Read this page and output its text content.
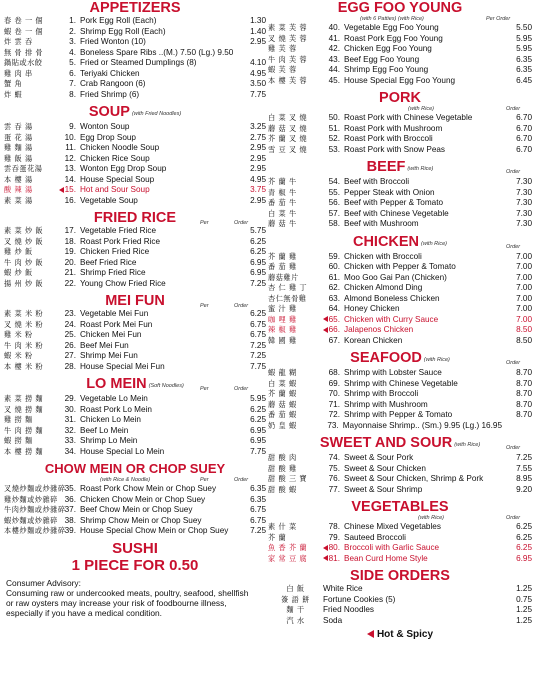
APPETIZERS
春 卷 一 個	1. Pork Egg Roll (Each)	1.30
蝦 卷 一 個	2. Shrimp Egg Roll (Each)	1.40
炸 雲 吞	3. Fried Wonton (10)	2.95
無 骨 排 骨	4. Boneless Spare Ribs ..(M.) 7.50 (Lg.) 9.50
鍋貼或水餃	5. Fried or Steamed Dumplings (8)	4.10
雞 肉 串	6. Teriyaki Chicken	4.95
蟹 角	7. Crab Rangoon (6)	3.50
炸 蝦	8. Fried Shrimp (6)	7.75
SOUP (with Fried Noodles)
雲 吞 湯	9. Wonton Soup	3.25
蛋 花 湯	10. Egg Drop Soup	2.75
雞 麵 湯	11. Chicken Noodle Soup	2.95
雞 飯 湯	12. Chicken Rice Soup	2.95
雲吞蛋花湯	13. Wonton Egg Drop Soup	2.95
本 樓 湯	14. House Special Soup	4.95
酸 辣 湯	15. Hot and Sour Soup	3.75
素 菜 湯	16. Vegetable Soup	2.95
FRIED RICE	Per	Order
素 菜 炒 飯	17. Vegetable Fried Rice	5.75
叉 燒 炒 飯	18. Roast Pork Fried Rice	6.25
雞 炒 飯	19. Chicken Fried Rice	6.25
牛 肉 炒 飯	20. Beef Fried Rice	6.95
蝦 炒 飯	21. Shrimp Fried Rice	6.95
揚 州 炒 飯	22. Young Chow Fried Rice	7.25
MEI FUN	Per	Order
素 菜 米 粉	23. Vegetable Mei Fun	6.25
叉 燒 米 粉	24. Roast Pork Mei Fun	6.75
雞 米 粉	25. Chicken Mei Fun	6.75
牛 肉 米 粉	26. Beef Mei Fun	7.25
蝦 米 粉	27. Shrimp Mei Fun	7.25
本 樓 米 粉	28. House Special Mei Fun	7.75
LO MEIN (Soft Noodles)	Per	Order
素 菜 撈 麵	29. Vegetable Lo Mein	5.95
叉 燒 撈 麵	30. Roast Pork Lo Mein	6.25
雞 撈 麵	31. Chicken Lo Mein	6.25
牛 肉 撈 麵	32. Beef Lo Mein	6.95
蝦 撈 麵	33. Shrimp Lo Mein	6.95
本 樓 撈 麵	34. House Special Lo Mein	7.75
CHOW MEIN OR CHOP SUEY
(with Rice & Noodle)	Per	Order
叉燒炒麵或炒雜碎 35. Roast Pork Chow Mein or Chop Suey	6.35
雞炒麵或炒雜碎 36. Chicken Chow Mein or Chop Suey	6.35
牛肉炒麵或炒雜碎 37. Beef Chow Mein or Chop Suey	6.75
蝦炒麵或炒雜碎 38. Shrimp Chow Mein or Chop Suey	6.75
本樓炒麵或炒雜碎 39. House Special Chow Mein or Chop Suey	7.25
SUSHI
1 PIECE FOR 0.50
Consumer Advisory:
Consuming raw or undercooked meats, poultry, seafood, shellfish
or raw oysters may increase your risk of foodbourne illness,
especially if you have a medical condition.
EGG FOO YOUNG
(with 6 Patties) (with Rice)	Per Order
素 菜 芙 蓉	40. Vegetable Egg Foo Young	5.50
叉 燒 芙 蓉	41. Roast Pork Egg Foo Young	5.95
雞 芙 蓉	42. Chicken Egg Foo Young	5.95
牛 肉 芙 蓉	43. Beef Egg Foo Young	6.35
蝦 芙 蓉	44. Shrimp Egg Foo Young	6.35
本 樓 芙 蓉	45. House Special Egg Foo Young	6.45
PORK
(with Rice)	Order
白 菜 叉 燒	50. Roast Pork with Chinese Vegetable	6.70
蘑 菇 叉 燒	51. Roast Pork with Mushroom	6.70
芥 蘭 叉 燒	52. Roast Pork with Broccoli	6.70
雪 豆 叉 燒	53. Roast Pork with Snow Peas	6.70
BEEF (with Rice)	Order
芥 蘭 牛	54. Beef with Broccoli	7.30
青 椒 牛	55. Pepper Steak with Onion	7.30
番 茄 牛	56. Beef with Pepper & Tomato	7.30
白 菜 牛	57. Beef with Chinese Vegetable	7.30
蘑 菇 牛	58. Beef with Mushroom	7.30
CHICKEN (with Rice)	Order
芥 蘭 雞	59. Chicken with Broccoli	7.00
番 茄 雞	60. Chicken with Pepper & Tomato	7.00
蘑菇雞片	61. Moo Goo Gai Pan (Chicken)	7.00
杏 仁 雞 丁	62. Chicken Almond Ding	7.00
杏仁無骨雞	63. Almond Boneless Chicken	7.00
蜜 汁 雞	64. Honey Chicken	7.00
咖 哩 雞	65. Chicken with Curry Sauce	7.00
辣 椒 雞	66. Jalapenos Chicken	8.50
韓 國 雞	67. Korean Chicken	8.50
SEAFOOD (with Rice)	Order
蝦 龍 糊	68. Shrimp with Lobster Sauce	8.70
白 菜 蝦	69. Shrimp with Chinese Vegetable	8.70
芥 蘭 蝦	70. Shrimp with Broccoli	8.70
蘑 菇 蝦	71. Shrimp with Mushroom	8.70
番 茄 蝦	72. Shrimp with Pepper & Tomato	8.70
奶 皇 蝦	73. Mayonnaise Shrimp.. (Sm.) 9.95 (Lg.) 16.95
SWEET AND SOUR (with Rice)	Order
甜 酸 肉	74. Sweet & Sour Pork	7.25
甜 酸 雞	75. Sweet & Sour Chicken	7.55
甜 酸 三 寶	76. Sweet & Sour Chicken, Shrimp & Pork	8.95
甜 酸 蝦	77. Sweet & Sour Shrimp	9.20
VEGETABLES
(with Rice)	Order
素 什 菜	78. Chinese Mixed Vegetables	6.25
芥 蘭	79. Sauteed Broccoli	6.25
魚 香 芥 蘭	80. Broccoli with Garlic Sauce	6.25
家 常 豆 腐	81. Bean Curd Home Style	6.95
SIDE ORDERS
白 飯	White Rice	1.25
簽 語 餅	Fortune Cookies (5)	0.75
麵 干	Fried Noodles	1.25
汽 水	Soda	1.25
Hot & Spicy
